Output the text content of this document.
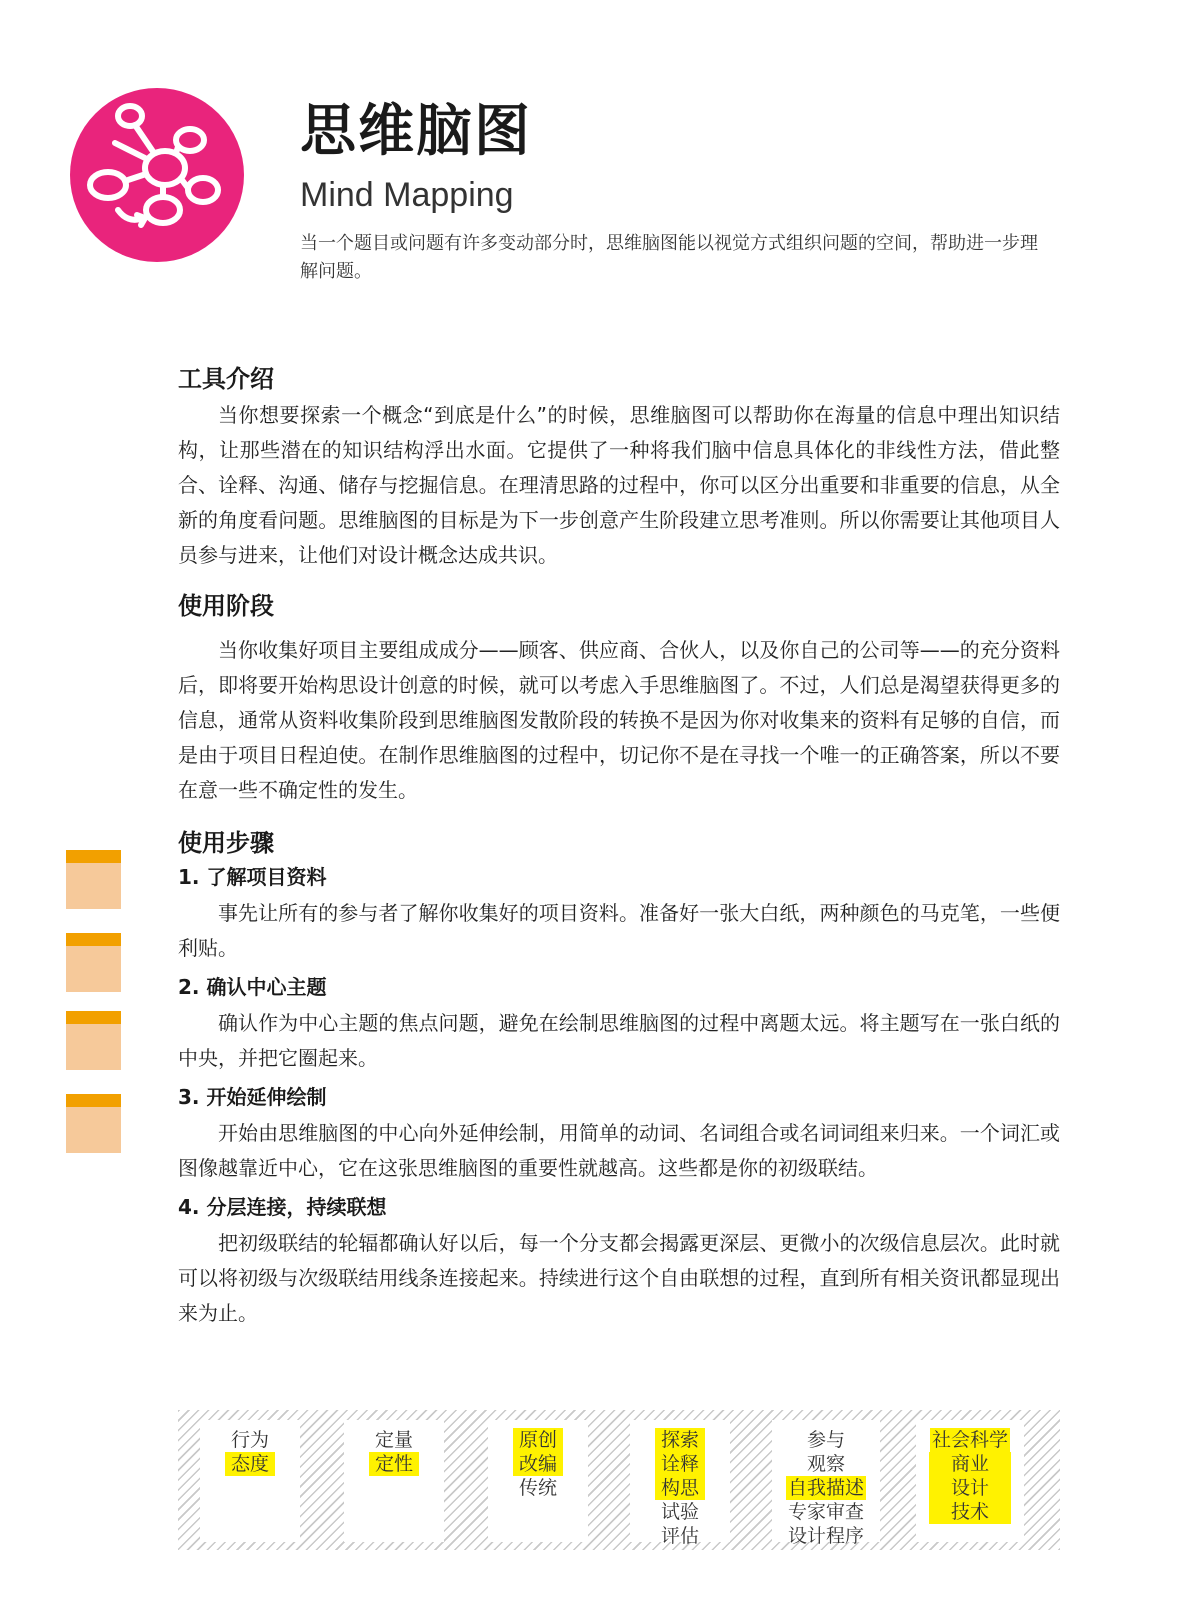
思维脑图
Mind Mapping
当一个题目或问题有许多变动部分时，思维脑图能以视觉方式组织问题的空间，帮助进一步理解问题。
工具介绍

当你想要探索一个概念“到底是什么”的时候，思维脑图可以帮助你在海量的信息中理出知识结构，让那些潜在的知识结构浮出水面。它提供了一种将我们脑中信息具体化的非线性方法，借此整合、诠释、沟通、储存与挖掘信息。在理清思路的过程中，你可以区分出重要和非重要的信息，从全新的角度看问题。思维脑图的目标是为下一步创意产生阶段建立思考准则。所以你需要让其他项目人员参与进来，让他们对设计概念达成共识。

使用阶段

当你收集好项目主要组成成分——顾客、供应商、合伙人，以及你自己的公司等——的充分资料后，即将要开始构思设计创意的时候，就可以考虑入手思维脑图了。不过，人们总是渴望获得更多的信息，通常从资料收集阶段到思维脑图发散阶段的转换不是因为你对收集来的资料有足够的自信，而是由于项目日程迫使。在制作思维脑图的过程中，切记你不是在寻找一个唯一的正确答案，所以不要在意一些不确定性的发生。

使用步骤
1. 了解项目资料

事先让所有的参与者了解你收集好的项目资料。准备好一张大白纸，两种颜色的马克笔，一些便利贴。

2. 确认中心主题

确认作为中心主题的焦点问题，避免在绘制思维脑图的过程中离题太远。将主题写在一张白纸的中央，并把它圈起来。

3. 开始延伸绘制

开始由思维脑图的中心向外延伸绘制，用简单的动词、名词组合或名词词组来归来。一个词汇或图像越靠近中心，它在这张思维脑图的重要性就越高。这些都是你的初级联结。

4. 分层连接，持续联想

把初级联结的轮辐都确认好以后，每一个分支都会揭露更深层、更微小的次级信息层次。此时就可以将初级与次级联结用线条连接起来。持续进行这个自由联想的过程，直到所有相关资讯都显现出来为止。

行为
态度
定量
定性
原创
改编
传统
探索
诠释
构思
试验
评估
参与
观察
自我描述
专家审查
设计程序
社会科学
商业
设计
技术
